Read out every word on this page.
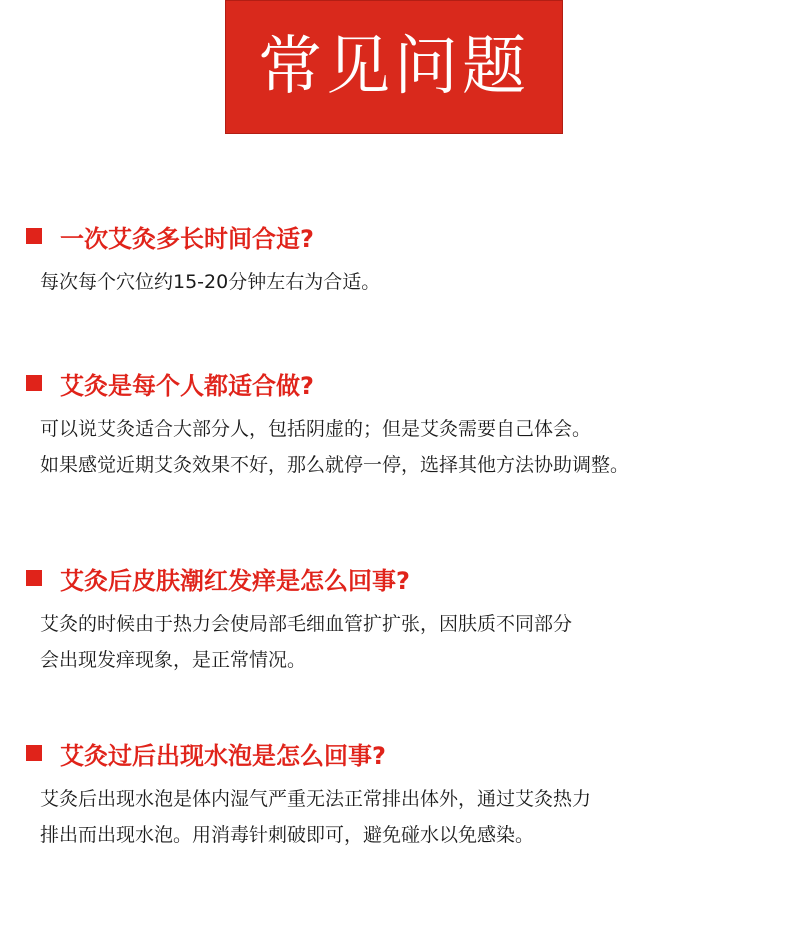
常见问题
一次艾灸多长时间合适?
每次每个穴位约15-20分钟左右为合适。
艾灸是每个人都适合做?
可以说艾灸适合大部分人，包括阴虚的；但是艾灸需要自己体会。
如果感觉近期艾灸效果不好，那么就停一停，选择其他方法协助调整。
艾灸后皮肤潮红发痒是怎么回事?
艾灸的时候由于热力会使局部毛细血管扩扩张，因肤质不同部分
会出现发痒现象，是正常情况。
艾灸过后出现水泡是怎么回事?
艾灸后出现水泡是体内湿气严重无法正常排出体外，通过艾灸热力
排出而出现水泡。用消毒针刺破即可，避免碰水以免感染。
